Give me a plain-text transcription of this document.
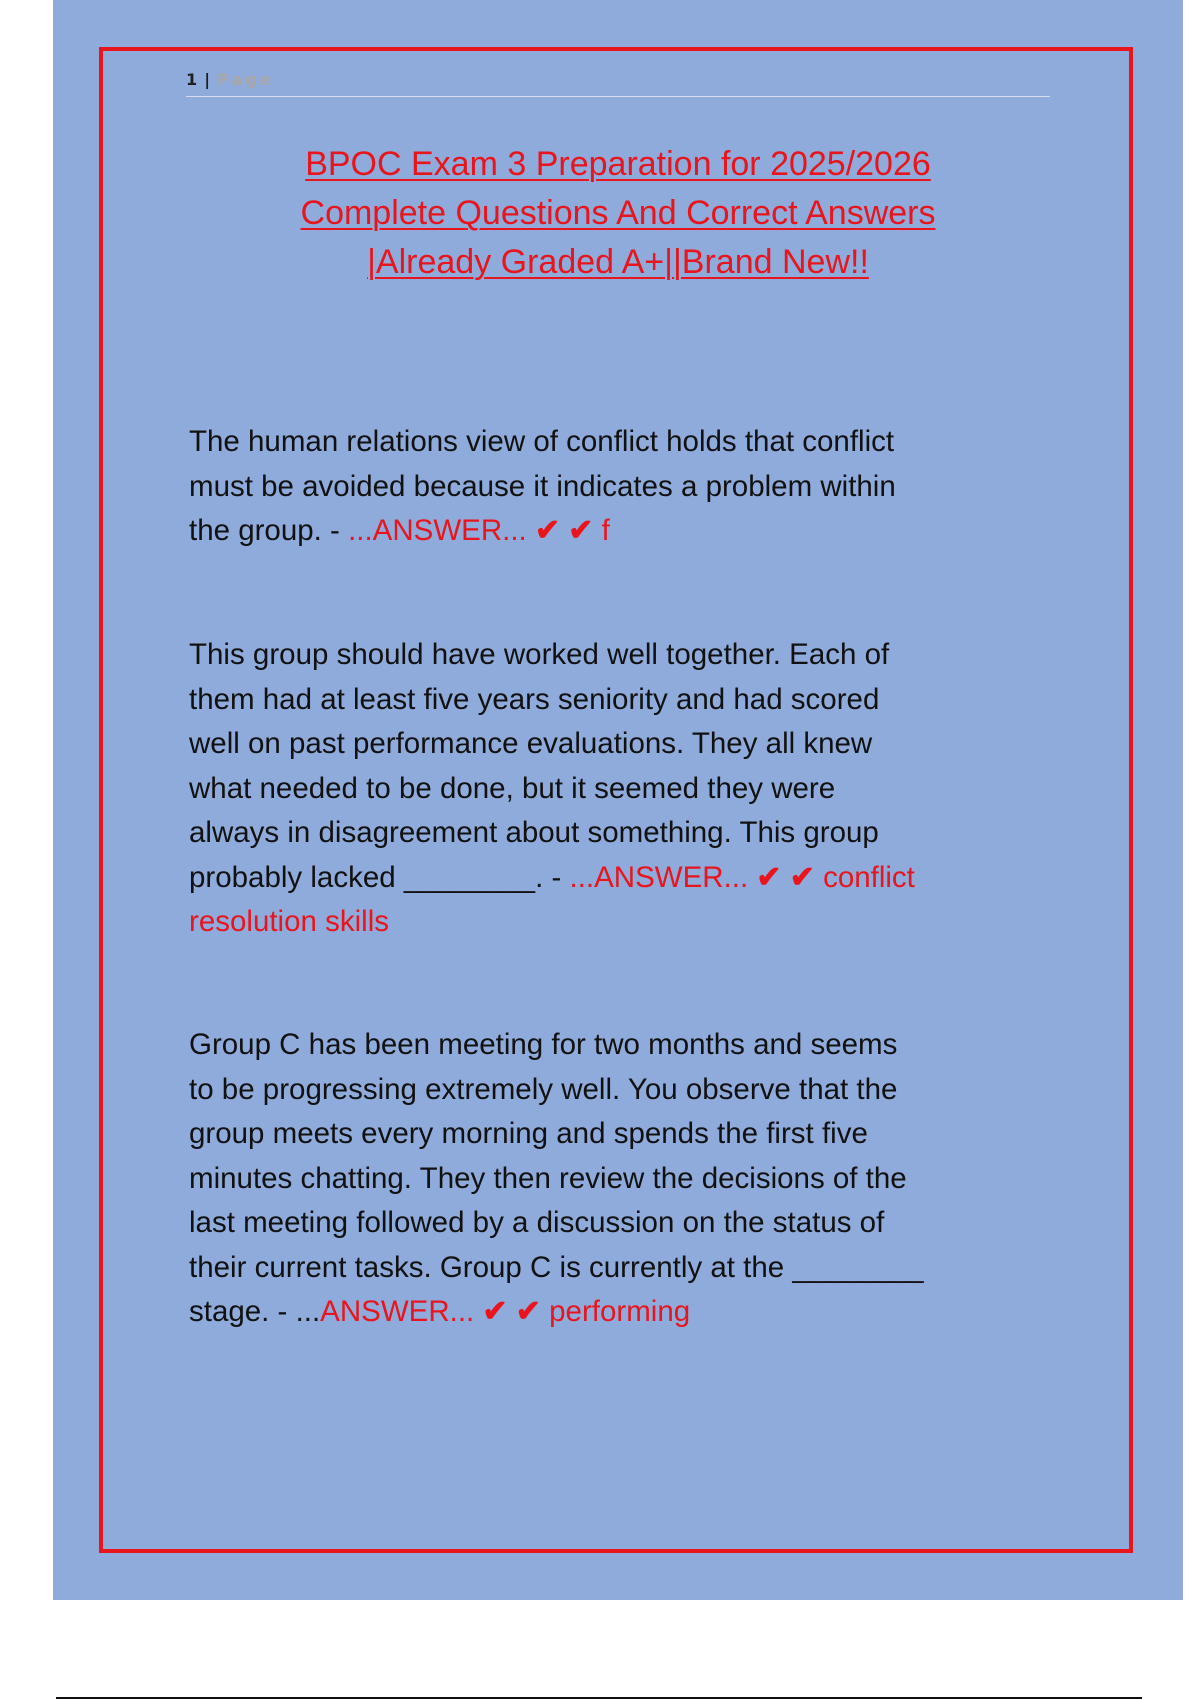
1 | Page
BPOC Exam 3 Preparation for 2025/2026
Complete Questions And Correct Answers
|Already Graded A+||Brand New!!
The human relations view of conflict holds that conflict
must be avoided because it indicates a problem within
the group. - ...ANSWER... ✔ ✔ f
This group should have worked well together. Each of
them had at least five years seniority and had scored
well on past performance evaluations. They all knew
what needed to be done, but it seemed they were
always in disagreement about something. This group
probably lacked ________. - ...ANSWER... ✔ ✔ conflict
resolution skills
Group C has been meeting for two months and seems
to be progressing extremely well. You observe that the
group meets every morning and spends the first five
minutes chatting. They then review the decisions of the
last meeting followed by a discussion on the status of
their current tasks. Group C is currently at the ________
stage. - ...ANSWER... ✔ ✔ performing
